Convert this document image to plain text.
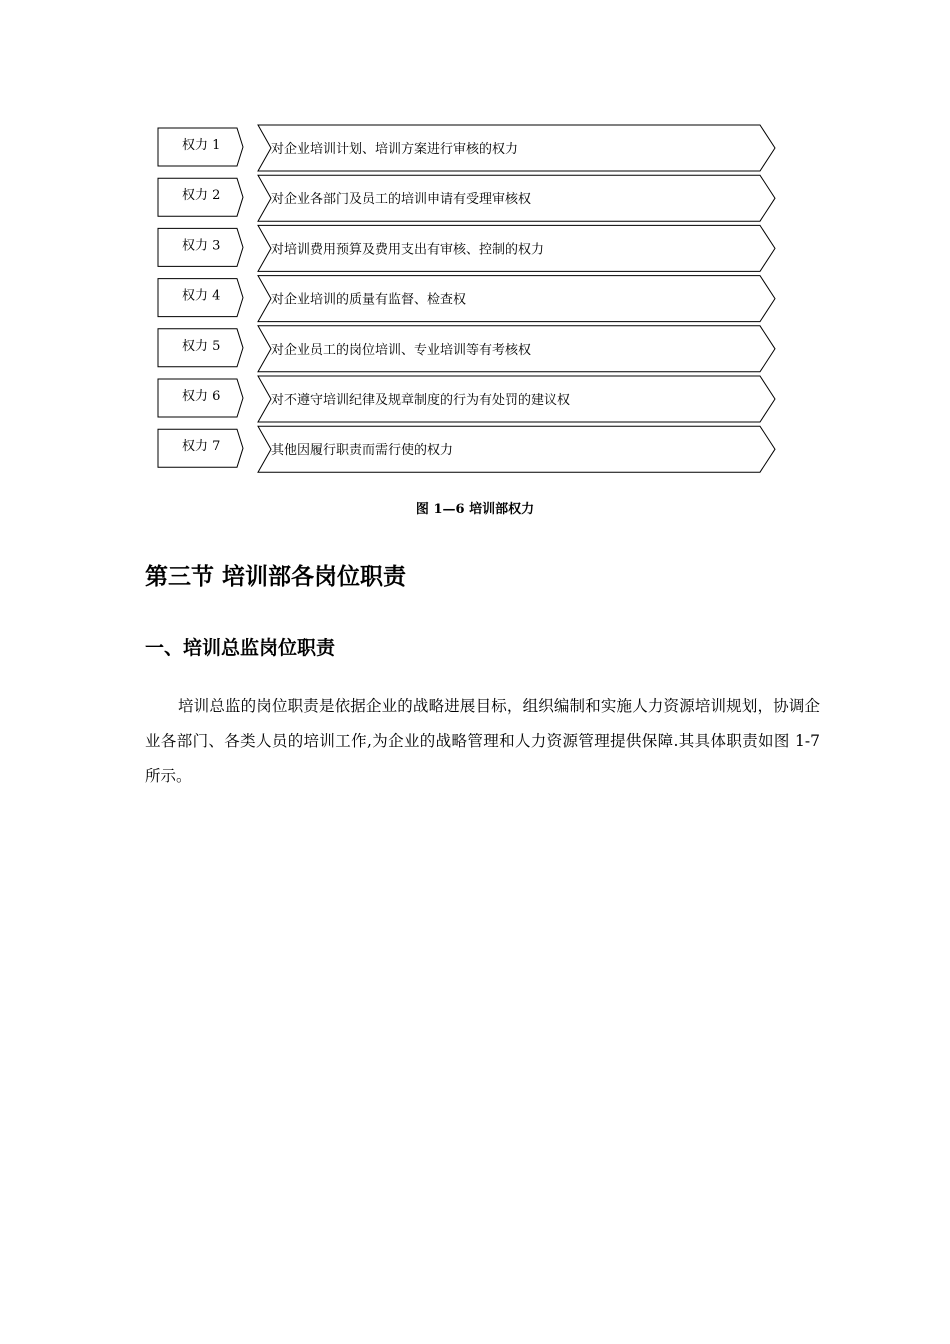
权力 1	对企业培训计划、培训方案进行审核的权力
权力 2	对企业各部门及员工的培训申请有受理审核权
权力 3	对培训费用预算及费用支出有审核、控制的权力
权力 4	对企业培训的质量有监督、检查权
权力 5	对企业员工的岗位培训、专业培训等有考核权
权力 6	对不遵守培训纪律及规章制度的行为有处罚的建议权
权力 7	其他因履行职责而需行使的权力
图 1—6 培训部权力
第三节 培训部各岗位职责
一、培训总监岗位职责

培训总监的岗位职责是依据企业的战略进展目标，组织编制和实施人力资源培训规划，协调企业各部门、各类人员的培训工作,为企业的战略管理和人力资源管理提供保障.其具体职责如图 1-7 所示。
